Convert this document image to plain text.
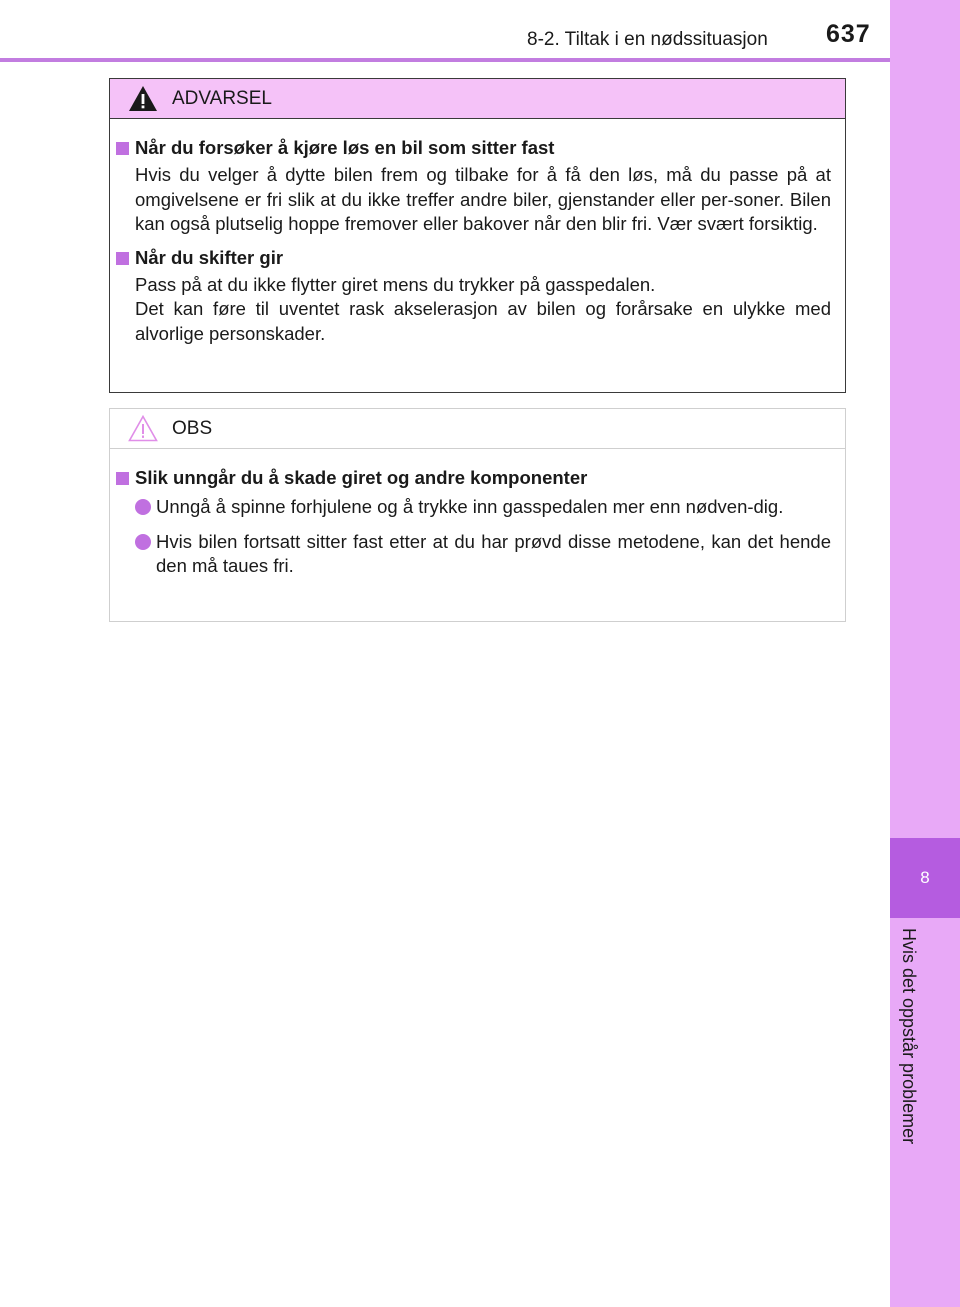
8-2. Tiltak i en nødssituasjon 637
8
Hvis det oppstår problemer
ADVARSEL
Når du forsøker å kjøre løs en bil som sitter fast

Hvis du velger å dytte bilen frem og tilbake for å få den løs, må du passe på at omgivelsene er fri slik at du ikke treffer andre biler, gjenstander eller per-soner. Bilen kan også plutselig hoppe fremover eller bakover når den blir fri. Vær svært forsiktig.

Når du skifter gir

Pass på at du ikke flytter giret mens du trykker på gasspedalen.

Det kan føre til uventet rask akselerasjon av bilen og forårsake en ulykke med alvorlige personskader.

OBS
Slik unngår du å skade giret og andre komponenter
Unngå å spinne forhjulene og å trykke inn gasspedalen mer enn nødven-dig.
Hvis bilen fortsatt sitter fast etter at du har prøvd disse metodene, kan det hende den må taues fri.
